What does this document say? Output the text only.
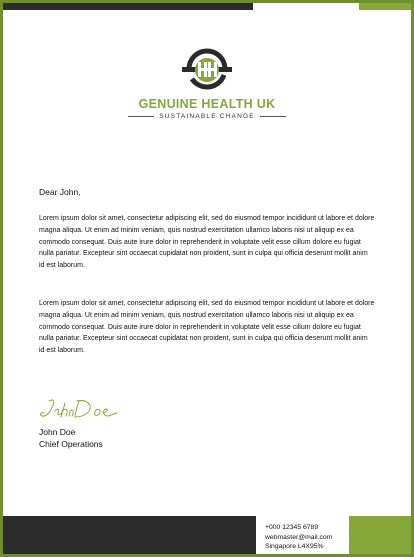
GENUINE HEALTH UK
SUSTAINABLE CHANGE
Dear John,
Lorem ipsum dolor sit amet, consectetur adipiscing elit, sed do eiusmod tempor incididunt ut labore et dolore magna aliqua. Ut enim ad minim veniam, quis nostrud exercitation ullamco laboris nisi ut aliquip ex ea commodo consequat. Duis aute irure dolor in reprehenderit in voluptate velit esse cillum dolore eu fugiat nulla pariatur. Excepteur sint occaecat cupidatat non proident, sunt in culpa qui officia deserunt mollit anim id est laborum.
Lorem ipsum dolor sit amet, consectetur adipiscing elit, sed do eiusmod tempor incididunt ut labore et dolore magna aliqua. Ut enim ad minim veniam, quis nostrud exercitation ullamco laboris nisi ut aliquip ex ea commodo consequat. Duis aute irure dolor in reprehenderit in voluptate velit esse cillum dolore eu fugiat nulla pariatur. Excepteur sint occaecat cupidatat non proident, sunt in culpa qui officia deserunt mollit anim id est laborum.
John Doe
Chief Operations
+000 12345 6789
webmaster@mail.com
Singapore L4X95%
